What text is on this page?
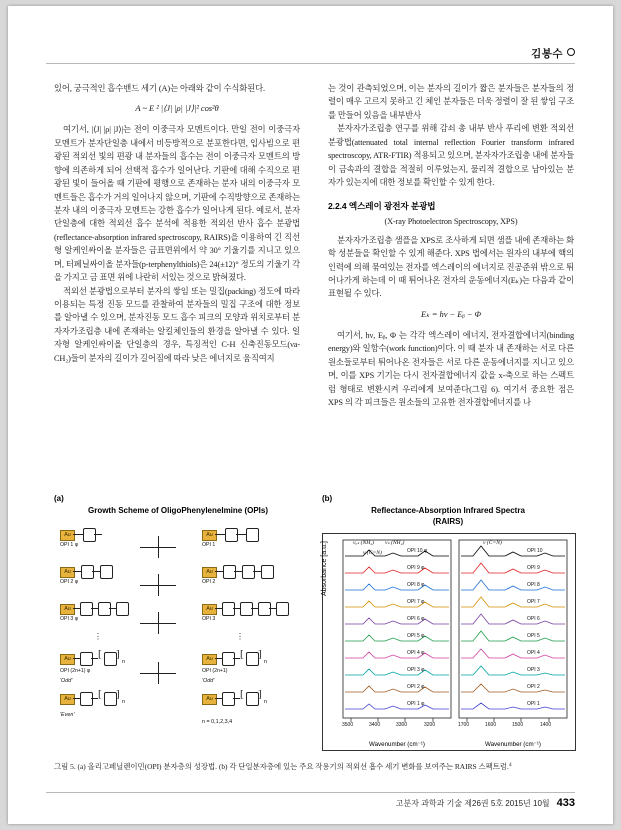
김봉수

있어, 궁극적인 흡수밴드 세기 (A)는 아래와 같이 수식화된다.

A ~ E ² |⟨J| |ρ| |J⟩|² cos²θ

여기서, |⟨J| |ρ| |J⟩|는 전이 이중극자 모멘트이다. 만일 전이 이중극자 모멘트가 분자단일층 내에서 비등방적으로 분포한다면, 입사빔으로 편광된 적외선 빛의 편광 내 분자들의 흡수는 전이 이중극자 모멘트의 방향에 의존하게 되어 선택적 흡수가 일어난다. 기판에 대해 수직으로 편광된 빛이 들어올 때 기판에 평행으로 존재하는 분자 내의 이중극자 모멘트들은 흡수가 거의 일어나지 않으며, 기판에 수직방향으로 존재하는 분자 내의 이중극자 모멘트는 강한 흡수가 일어나게 된다. 예로서, 분자단일층에 대한 적외선 흡수 분석에 적용한 적외선 반사 흡수 분광법(reflectance-absorption infrared spectroscopy, RAIRS)을 이용하여 긴 직선형 알케인싸이올 분자들은 금표면위에서 약 30° 기울기를 지니고 있으며, 터페닐싸이올 분자들(p-terphenylthiols)은 24(±12)° 정도의 기울기 각을 가지고 금 표면 위에 나란히 서있는 것으로 밝혀졌다.

적외선 분광법으로부터 분자의 쌓임 또는 밀집(packing) 정도에 따라 이용되는 특정 진동 모드를 관찰하여 분자들의 밀집 구조에 대한 정보를 알아낼 수 있으며, 분자진동 모드 흡수 피크의 모양과 위치로부터 분자자가조립층 내에 존재하는 알킬체인들의 환경을 알아낼 수 있다. 일자형 알케인싸이올 단일층의 경우, 특징적인 C-H 신축진동모드(νa-CH₂)들이 분자의 길이가 길어짐에 따라 낮은 에너지로 움직여지

는 것이 관측되었으며, 이는 분자의 길이가 짧은 분자들은 분자들의 정렬이 매우 고르지 못하고 긴 체인 분자들은 더욱 정렬이 잘 된 쌓임 구조를 만들어 있음을 내부반사

분자자가조립층 연구를 위해 감쇠 총 내부 반사 푸리에 변환 적외선 분광법(attenuated total internal reflection Fourier transform infrared spectroscopy, ATR-FTIR) 적용되고 있으며, 분자자가조립층 내에 분자들이 금속과의 결합을 적절히 이루었는지, 물리적 결합으로 남아있는 분자가 있는지에 대한 정보를 확인할 수 있게 한다.

2.2.4 엑스레이 광전자 분광법
(X-ray Photoelectron Spectroscopy, XPS)

분자자가조립층 샘플을 XPS로 조사하게 되면 샘플 내에 존재하는 화학 성분들을 확인할 수 있게 해준다. XPS 법에서는 원자의 내부에 핵의 인력에 의해 묶여있는 전자를 엑스레이의 에너지로 진공준위 밖으로 튀어나가게 하는데 이 때 튀어나온 전자의 운동에너지(Eₖ)는 다음과 같이 표현될 수 있다.

Eₖ = hν − Eᵦ − Φ

여기서, hν, Eᵦ, Φ 는 각각 엑스레이 에너지, 전자결합에너지(binding energy)와 일함수(work function)이다. 이 때 분자 내 존재하는 서로 다른 원소들로부터 튀어나온 전자들은 서로 다른 운동에너지를 지니고 있으며, 이를 XPS 기기는 다시 전자결합에너지 값을 x-축으로 하는 스펙트럼 형태로 변환시켜 우리에게 보여준다(그림 6). 여기서 중요한 점은 XPS 의 각 피크들은 원소들의 고유한 전자결합에너지를 나

(a)
Growth Scheme of OligoPhenyleneImine (OPIs)
Au
OPI 1 φ
Au
OPI 1
Au
OPI 2 φ
Au
OPI 2
Au
OPI 3 φ
Au
OPI 3
⋮	⋮
Au	[ ]
n
OPI (2n+1) φ
'Odd'
Au	[ ]
n
OPI (2n+1)
'Odd'
Au	[ ]
n
'Even'
Au	[ ]
n
n = 0,1,2,3,4
(b)
Reflectance-Absorption Infrared Spectra
(RAIRS)
Absorbance [a.u.]	νₐₛ (NH₂) νₛ (NH₂)
ν (C=N)
ν (C=N)
OPI 10 φ
OPI 9 φ
OPI 8 φ
OPI 7 φ
OPI 6 φ
OPI 5 φ
OPI 4 φ
OPI 3 φ
OPI 2 φ
OPI 1 φ
OPI 10
OPI 9
OPI 8
OPI 7
OPI 6
OPI 5
OPI 4
OPI 3
OPI 2
OPI 1
3500	3400	3300	3200	1700	1600	1500	1400
Wavenumber (cm⁻¹)	Wavenumber (cm⁻¹)
그림 5. (a) 올리고페닐렌이민(OPI) 분자층의 성장법. (b) 각 단일분자층에 있는 주요 작용기의 적외선 흡수 세기 변화를 보여주는 RAIRS 스펙트럼.$^4$
고분자 과학과 기술 제26권 5호 2015년 10월 433
